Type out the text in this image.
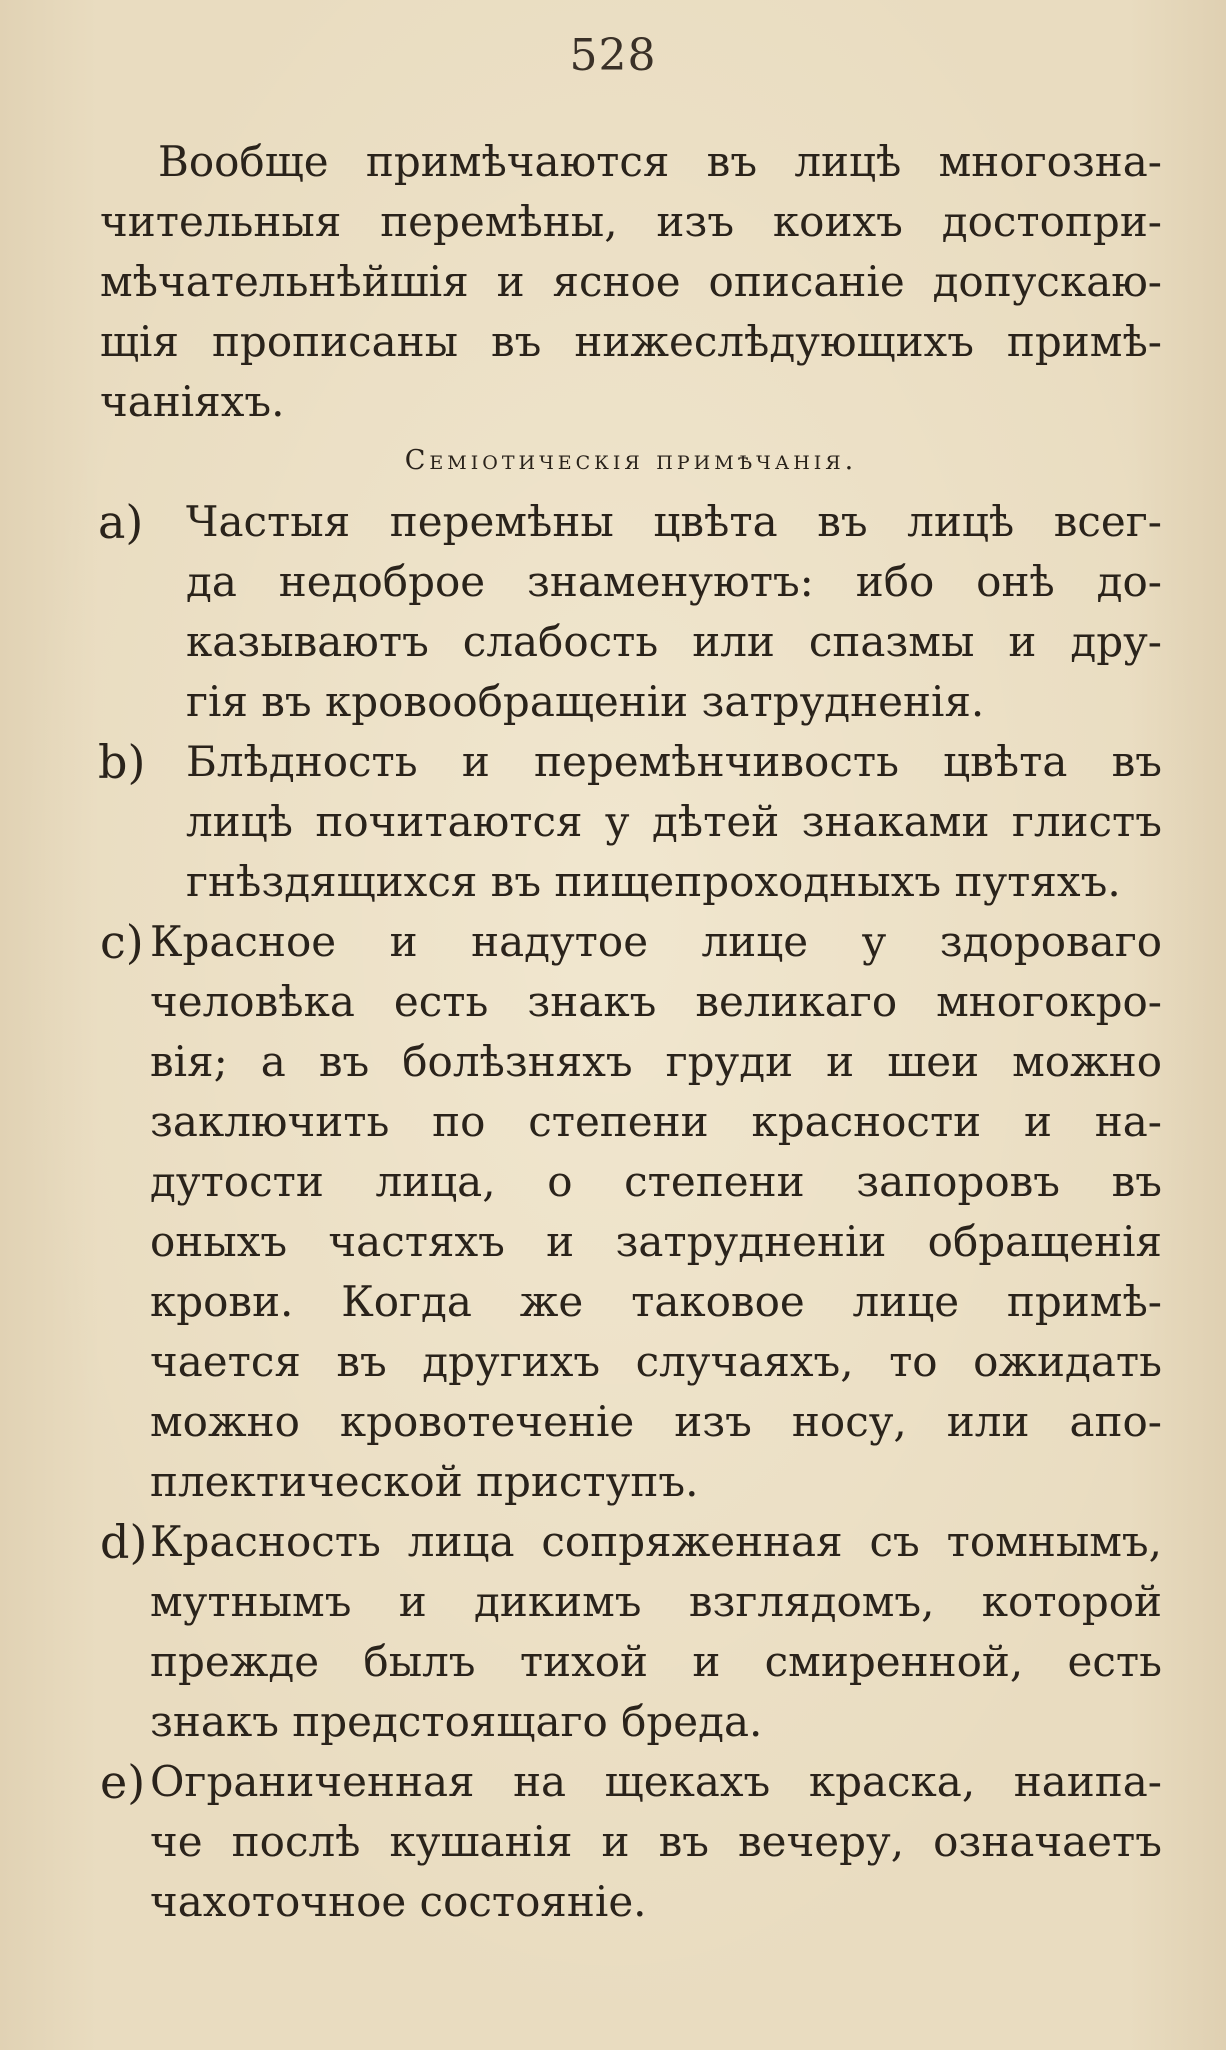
528
Вообще примѣчаются въ лицѣ многозна-
чительныя перемѣны, изъ коихъ достопри-
мѣчательнѣйшія и ясное описаніе допускаю-
щія прописаны въ нижеслѣдующихъ примѣ-
чаніяхъ.
Семіотическія примѣчанія.
a) Частыя перемѣны цвѣта въ лицѣ всег-
да недоброе знаменуютъ: ибо онѣ до-
казываютъ слабость или спазмы и дру-
гія въ кровообращеніи затрудненія.
b) Блѣдность и перемѣнчивость цвѣта въ
лицѣ почитаются у дѣтей знаками глистъ
гнѣздящихся въ пищепроходныхъ путяхъ.
c) Красное и надутое лице у здороваго
человѣка есть знакъ великаго многокро-
вія; а въ болѣзняхъ груди и шеи можно
заключить по степени красности и на-
дутости лица, о степени запоровъ въ
оныхъ частяхъ и затрудненіи обращенія
крови. Когда же таковое лице примѣ-
чается въ другихъ случаяхъ, то ожидать
можно кровотеченіе изъ носу, или апо-
плектической приступъ.
d) Красность лица сопряженная съ томнымъ,
мутнымъ и дикимъ взглядомъ, которой
прежде былъ тихой и смиренной, есть
знакъ предстоящаго бреда.
e) Ограниченная на щекахъ краска, наипа-
че послѣ кушанія и въ вечеру, означаетъ
чахоточное состояніе.
